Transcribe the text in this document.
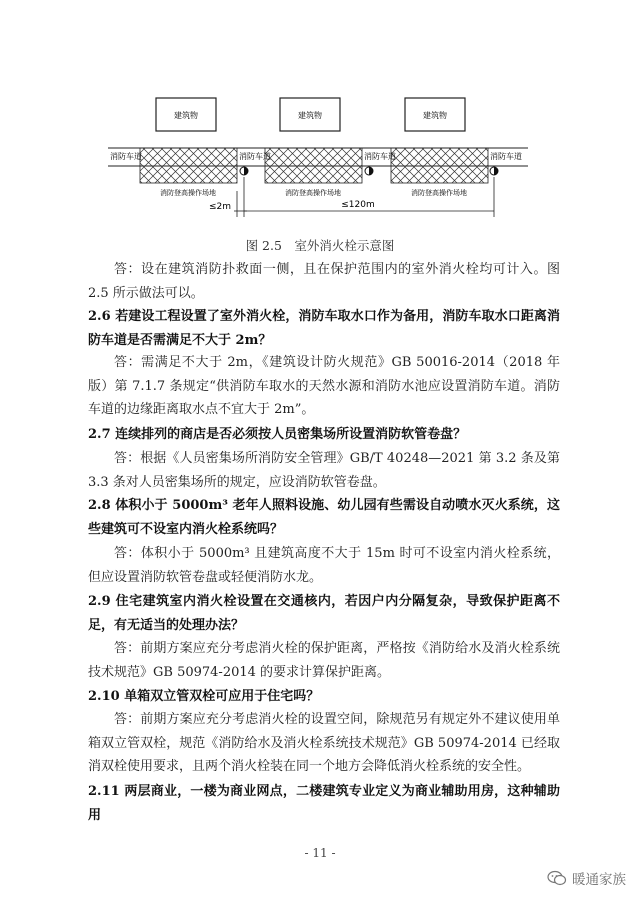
建筑物	建筑物	建筑物
消防车道	消防车道	消防车道	消防车道
消防登高操作场地	消防登高操作场地	消防登高操作场地
≤2m	≤120m
图 2.5　室外消火栓示意图

答：设在建筑消防扑救面一侧，且在保护范围内的室外消火栓均可计入。图 2.5 所示做法可以。

2.6 若建设工程设置了室外消火栓，消防车取水口作为备用，消防车取水口距离消防车道是否需满足不大于 2m？

答：需满足不大于 2m，《建筑设计防火规范》GB 50016-2014（2018 年版）第 7.1.7 条规定“供消防车取水的天然水源和消防水池应设置消防车道。消防车道的边缘距离取水点不宜大于 2m”。

2.7 连续排列的商店是否必须按人员密集场所设置消防软管卷盘？

答：根据《人员密集场所消防安全管理》GB/T 40248—2021 第 3.2 条及第 3.3 条对人员密集场所的规定，应设消防软管卷盘。

2.8 体积小于 5000m³ 老年人照料设施、幼儿园有些需设自动喷水灭火系统，这些建筑可不设室内消火栓系统吗？

答：体积小于 5000m³ 且建筑高度不大于 15m 时可不设室内消火栓系统，但应设置消防软管卷盘或轻便消防水龙。

2.9 住宅建筑室内消火栓设置在交通核内，若因户内分隔复杂，导致保护距离不足，有无适当的处理办法？

答：前期方案应充分考虑消火栓的保护距离，严格按《消防给水及消火栓系统技术规范》GB 50974-2014 的要求计算保护距离。

2.10 单箱双立管双栓可应用于住宅吗？

答：前期方案应充分考虑消火栓的设置空间，除规范另有规定外不建议使用单箱双立管双栓，规范《消防给水及消火栓系统技术规范》GB 50974-2014 已经取消双栓使用要求，且两个消火栓装在同一个地方会降低消火栓系统的安全性。

2.11 两层商业，一楼为商业网点，二楼建筑专业定义为商业辅助用房，这种辅助用

- 11 -
暖通家族
